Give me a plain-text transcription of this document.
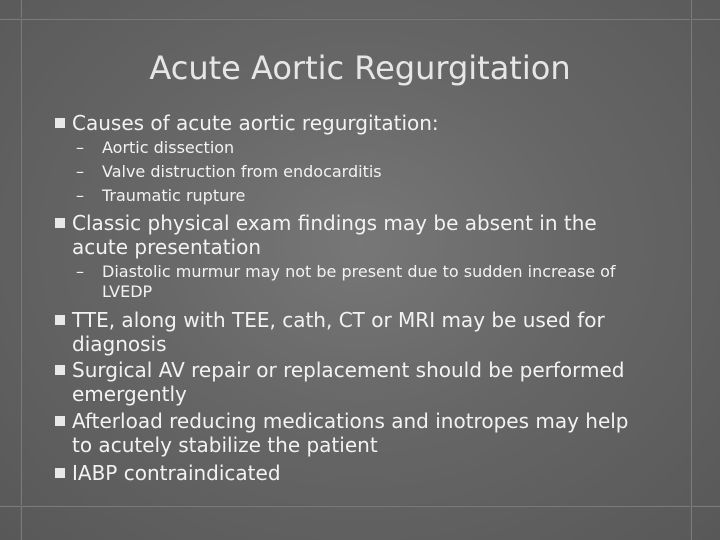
Acute Aortic Regurgitation
Causes of acute aortic regurgitation:
– Aortic dissection
– Valve distruction from endocarditis
– Traumatic rupture
Classic physical exam findings may be absent in the
acute presentation
– Diastolic murmur may not be present due to sudden increase of
LVEDP
TTE, along with TEE, cath, CT or MRI may be used for
diagnosis
Surgical AV repair or replacement should be performed
emergently
Afterload reducing medications and inotropes may help
to acutely stabilize the patient
IABP contraindicated
